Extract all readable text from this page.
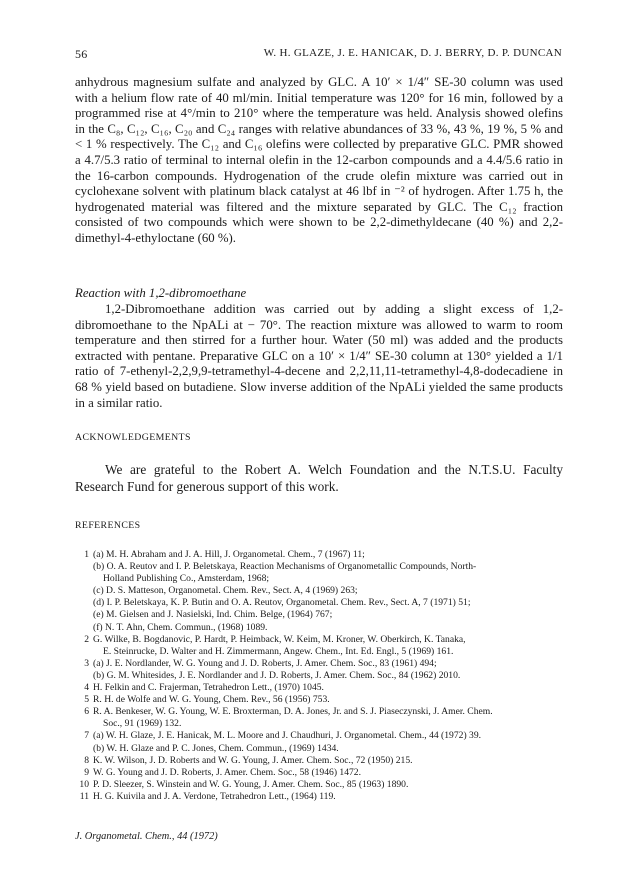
56	W. H. GLAZE, J. E. HANICAK, D. J. BERRY, D. P. DUNCAN

anhydrous magnesium sulfate and analyzed by GLC. A 10′ × 1/4″ SE-30 column was used with a helium flow rate of 40 ml/min. Initial temperature was 120° for 16 min, followed by a programmed rise at 4°/min to 210° where the temperature was held. Analysis showed olefins in the C₈, C₁₂, C₁₆, C₂₀ and C₂₄ ranges with relative abundances of 33 %, 43 %, 19 %, 5 % and < 1 % respectively. The C₁₂ and C₁₆ olefins were collected by preparative GLC. PMR showed a 4.7/5.3 ratio of terminal to internal olefin in the 12-carbon compounds and a 4.4/5.6 ratio in the 16-carbon compounds. Hydrogenation of the crude olefin mixture was carried out in cyclohexane solvent with platinum black catalyst at 46 lbf in ⁻² of hydrogen. After 1.75 h, the hydrogenated material was filtered and the mixture separated by GLC. The C₁₂ fraction consisted of two compounds which were shown to be 2,2-dimethyldecane (40 %) and 2,2-dimethyl-4-ethyloctane (60 %).

Reaction with 1,2-dibromoethane

1,2-Dibromoethane addition was carried out by adding a slight excess of 1,2-dibromoethane to the NpALi at − 70°. The reaction mixture was allowed to warm to room temperature and then stirred for a further hour. Water (50 ml) was added and the products extracted with pentane. Preparative GLC on a 10′ × 1/4″ SE-30 column at 130° yielded a 1/1 ratio of 7-ethenyl-2,2,9,9-tetramethyl-4-decene and 2,2,11,11-tetramethyl-4,8-dodecadiene in 68 % yield based on butadiene. Slow inverse addition of the NpALi yielded the same products in a similar ratio.

ACKNOWLEDGEMENTS

We are grateful to the Robert A. Welch Foundation and the N.T.S.U. Faculty Research Fund for generous support of this work.

REFERENCES

1 (a) M. H. Abraham and J. A. Hill, J. Organometal. Chem., 7 (1967) 11;
(b) O. A. Reutov and I. P. Beletskaya, Reaction Mechanisms of Organometallic Compounds, North-
Holland Publishing Co., Amsterdam, 1968;
(c) D. S. Matteson, Organometal. Chem. Rev., Sect. A, 4 (1969) 263;
(d) I. P. Beletskaya, K. P. Butin and O. A. Reutov, Organometal. Chem. Rev., Sect. A, 7 (1971) 51;
(e) M. Gielsen and J. Nasielski, Ind. Chim. Belge, (1964) 767;
(f) N. T. Ahn, Chem. Commun., (1968) 1089.
2 G. Wilke, B. Bogdanovic, P. Hardt, P. Heimback, W. Keim, M. Kroner, W. Oberkirch, K. Tanaka,
E. Steinrucke, D. Walter and H. Zimmermann, Angew. Chem., Int. Ed. Engl., 5 (1969) 161.
3 (a) J. E. Nordlander, W. G. Young and J. D. Roberts, J. Amer. Chem. Soc., 83 (1961) 494;
(b) G. M. Whitesides, J. E. Nordlander and J. D. Roberts, J. Amer. Chem. Soc., 84 (1962) 2010.
4 H. Felkin and C. Frajerman, Tetrahedron Lett., (1970) 1045.
5 R. H. de Wolfe and W. G. Young, Chem. Rev., 56 (1956) 753.
6 R. A. Benkeser, W. G. Young, W. E. Broxterman, D. A. Jones, Jr. and S. J. Piaseczynski, J. Amer. Chem.
Soc., 91 (1969) 132.
7 (a) W. H. Glaze, J. E. Hanicak, M. L. Moore and J. Chaudhuri, J. Organometal. Chem., 44 (1972) 39.
(b) W. H. Glaze and P. C. Jones, Chem. Commun., (1969) 1434.
8 K. W. Wilson, J. D. Roberts and W. G. Young, J. Amer. Chem. Soc., 72 (1950) 215.
9 W. G. Young and J. D. Roberts, J. Amer. Chem. Soc., 58 (1946) 1472.
10 P. D. Sleezer, S. Winstein and W. G. Young, J. Amer. Chem. Soc., 85 (1963) 1890.
11 H. G. Kuivila and J. A. Verdone, Tetrahedron Lett., (1964) 119.
J. Organometal. Chem., 44 (1972)
